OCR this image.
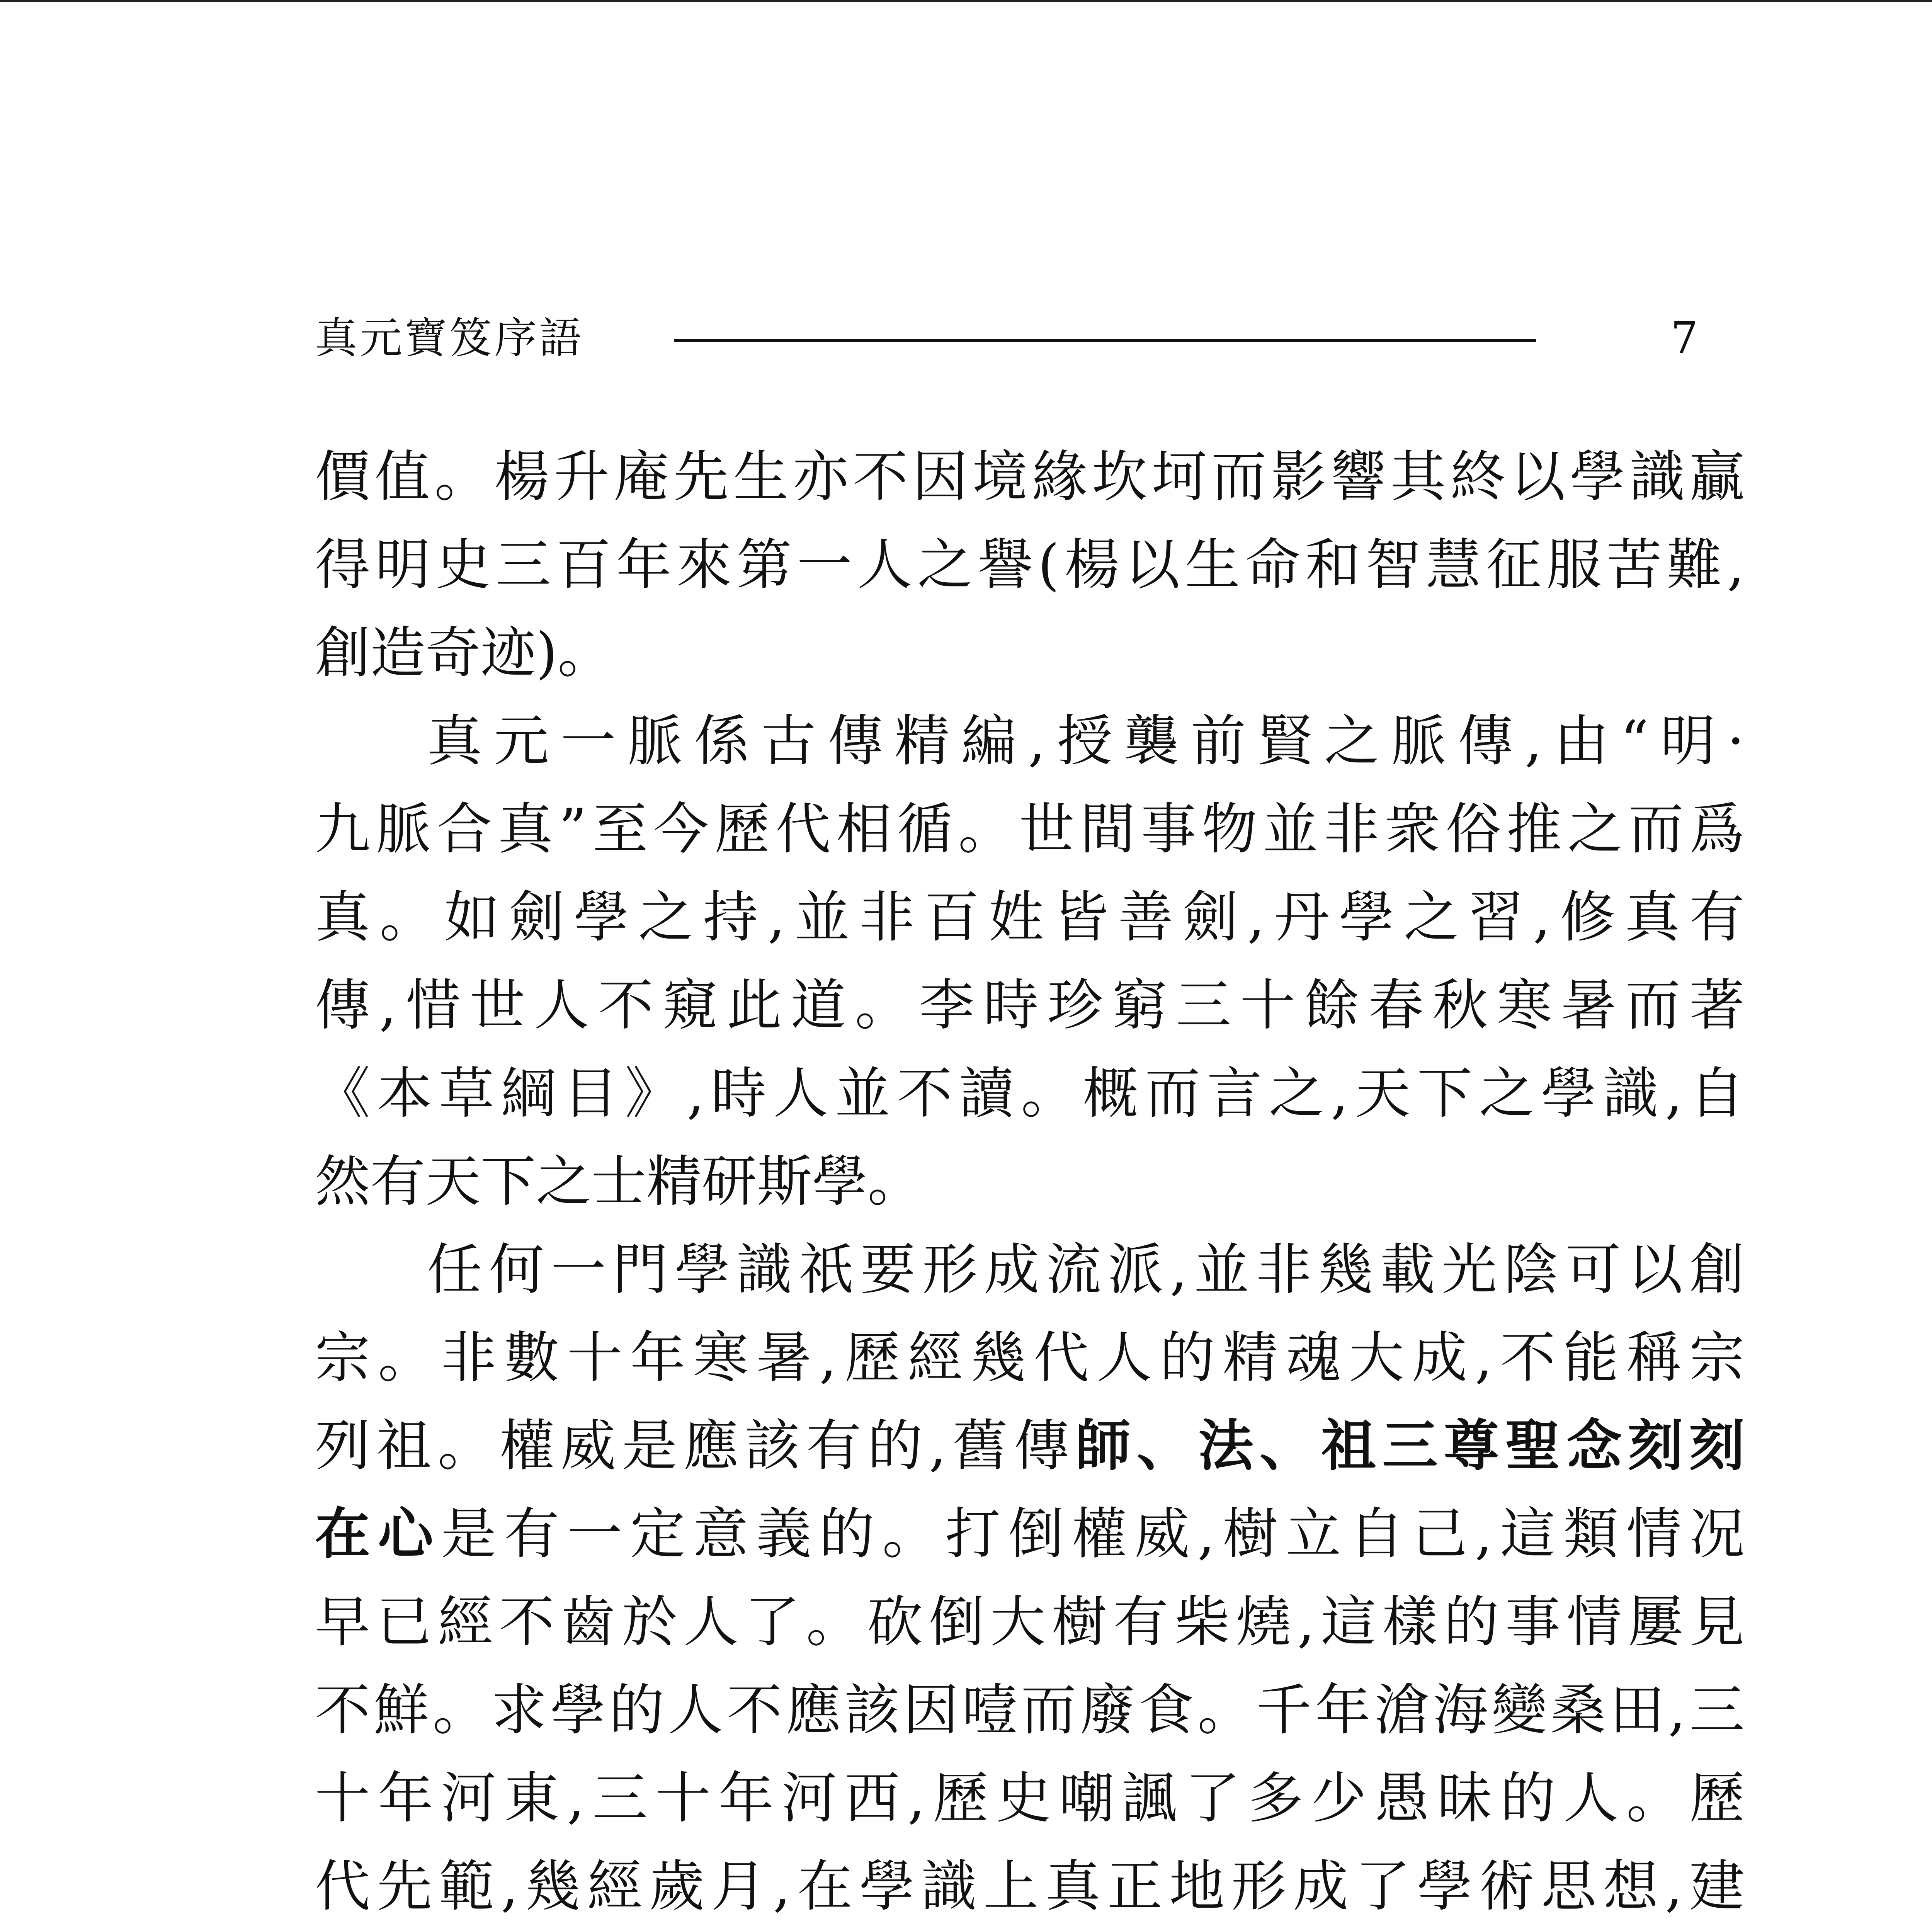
真元寶笈序語	7
價值。楊升庵先生亦不因境緣坎坷而影響其終以學識贏
得明史三百年來第一人之譽(楊以生命和智慧征服苦難,
創造奇迹)。
真元一脈係古傳精編,授襲前賢之脈傳,由“明·
九脈合真”至今歷代相循。世間事物並非衆俗推之而爲
真。如劍學之持,並非百姓皆善劍,丹學之習,修真有
傳,惜世人不窺此道。李時珍窮三十餘春秋寒暑而著
《本草綱目》,時人並不讀。概而言之,天下之學識,自
然有天下之士精研斯學。
任何一門學識祇要形成流派,並非幾載光陰可以創
宗。非數十年寒暑,歷經幾代人的精魂大成,不能稱宗
列祖。權威是應該有的,舊傳師、法、祖三尊聖念刻刻
在心是有一定意義的。打倒權威,樹立自己,這類情况
早已經不齒於人了。砍倒大樹有柴燒,這樣的事情屢見
不鮮。求學的人不應該因噎而廢食。千年滄海變桑田,三
十年河東,三十年河西,歷史嘲諷了多少愚昧的人。歷
代先範,幾經歲月,在學識上真正地形成了學術思想,建
